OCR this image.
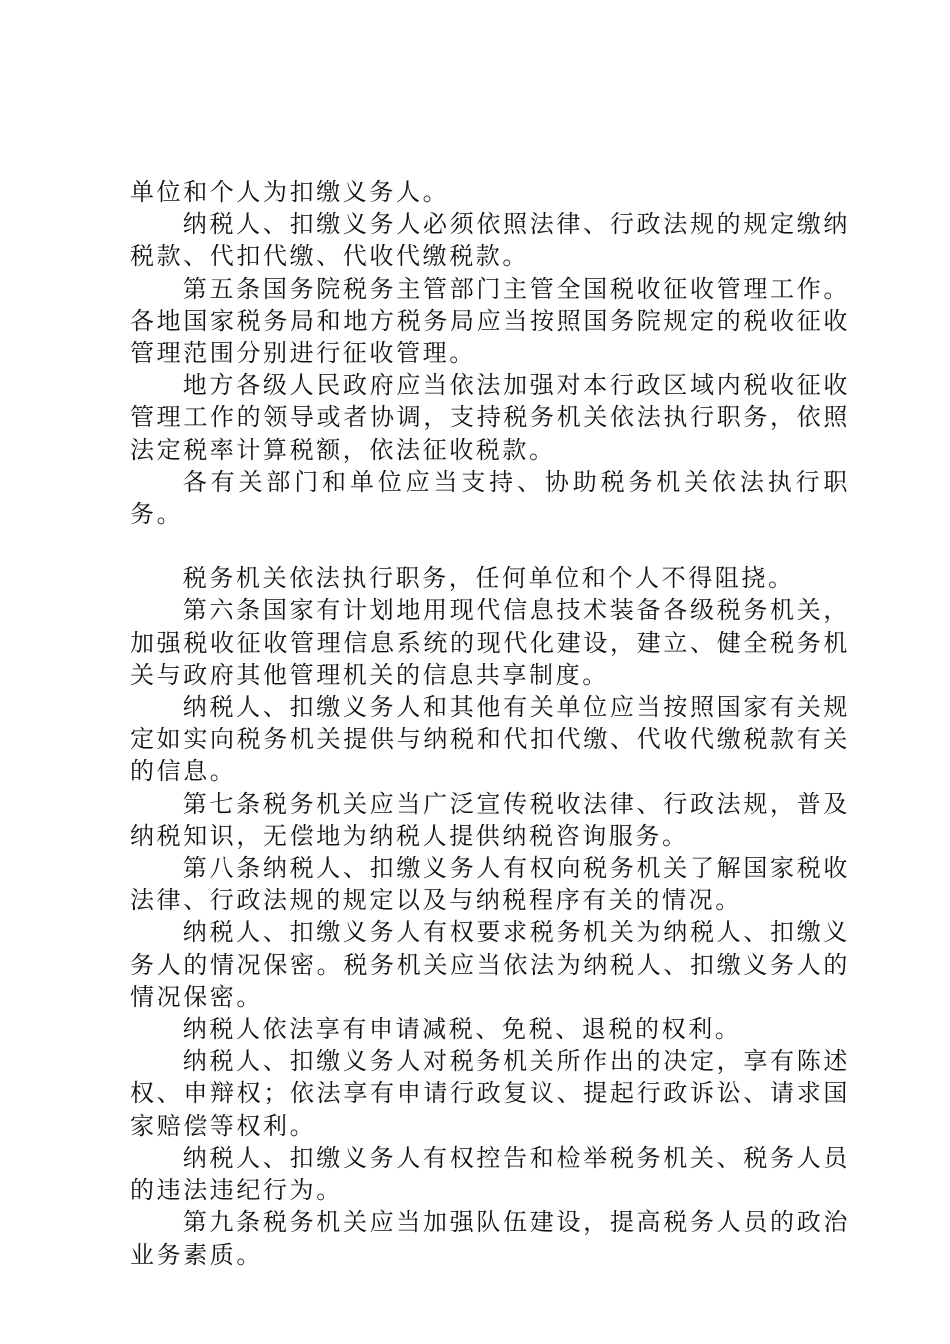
单位和个人为扣缴义务人。

纳税人、扣缴义务人必须依照法律、行政法规的规定缴纳税款、代扣代缴、代收代缴税款。

第五条国务院税务主管部门主管全国税收征收管理工作。各地国家税务局和地方税务局应当按照国务院规定的税收征收管理范围分别进行征收管理。

地方各级人民政府应当依法加强对本行政区域内税收征收管理工作的领导或者协调，支持税务机关依法执行职务，依照法定税率计算税额，依法征收税款。

各有关部门和单位应当支持、协助税务机关依法执行职务。

税务机关依法执行职务，任何单位和个人不得阻挠。

第六条国家有计划地用现代信息技术装备各级税务机关，加强税收征收管理信息系统的现代化建设，建立、健全税务机关与政府其他管理机关的信息共享制度。

纳税人、扣缴义务人和其他有关单位应当按照国家有关规定如实向税务机关提供与纳税和代扣代缴、代收代缴税款有关的信息。

第七条税务机关应当广泛宣传税收法律、行政法规，普及纳税知识，无偿地为纳税人提供纳税咨询服务。

第八条纳税人、扣缴义务人有权向税务机关了解国家税收法律、行政法规的规定以及与纳税程序有关的情况。

纳税人、扣缴义务人有权要求税务机关为纳税人、扣缴义务人的情况保密。税务机关应当依法为纳税人、扣缴义务人的情况保密。

纳税人依法享有申请减税、免税、退税的权利。

纳税人、扣缴义务人对税务机关所作出的决定，享有陈述权、申辩权；依法享有申请行政复议、提起行政诉讼、请求国家赔偿等权利。

纳税人、扣缴义务人有权控告和检举税务机关、税务人员的违法违纪行为。

第九条税务机关应当加强队伍建设，提高税务人员的政治业务素质。
